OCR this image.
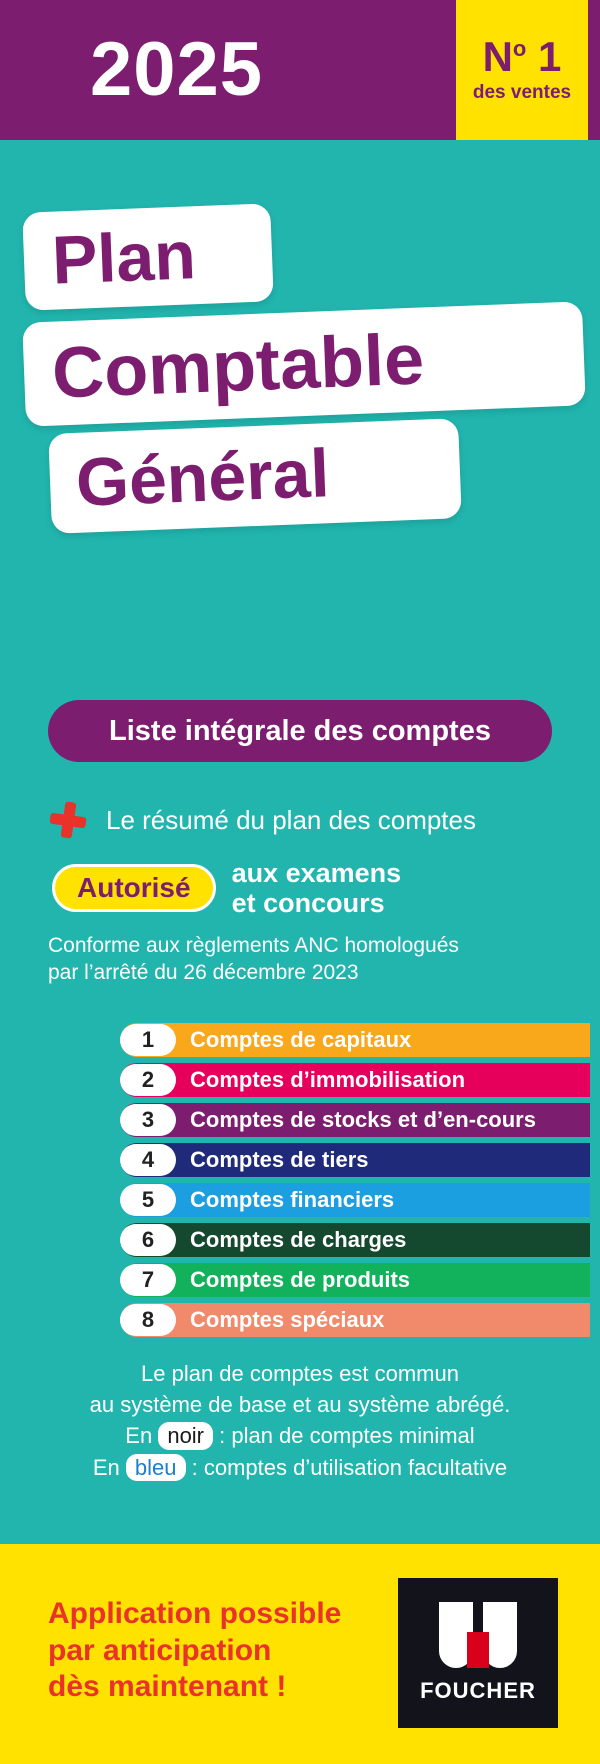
2025	$N^o$ 1
des ventes
Plan
Comptable
Général
Liste intégrale des comptes
Le résumé du plan des comptes
Autorisé	aux examens
et concours
Conforme aux règlements ANC homologués
par l’arrêté du 26 décembre 2023
1	Comptes de capitaux
2	Comptes d’immobilisation
3	Comptes de stocks et d’en-cours
4	Comptes de tiers
5	Comptes financiers
6	Comptes de charges
7	Comptes de produits
8	Comptes spéciaux
Le plan de comptes est commun
au système de base et au système abrégé.
En noir : plan de comptes minimal
En bleu : comptes d’utilisation facultative
Application possible
par anticipation
dès maintenant !	FOUCHER
